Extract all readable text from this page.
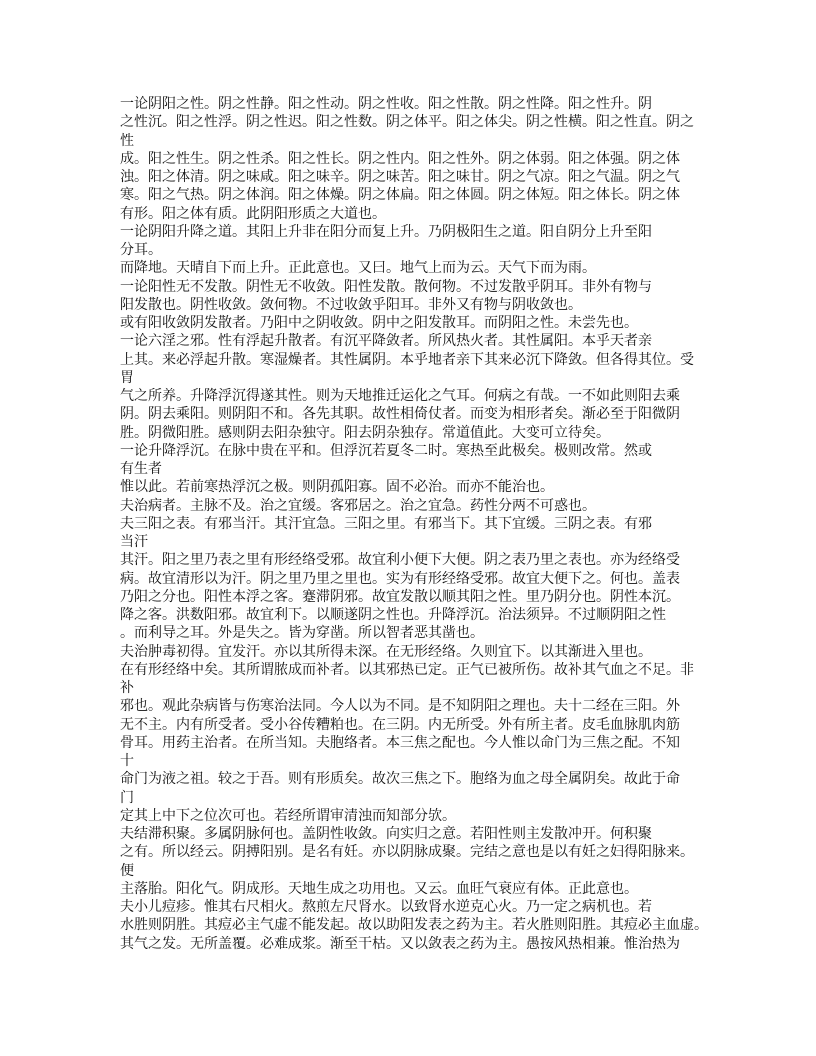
一论阴阳之性。阴之性静。阳之性动。阴之性收。阳之性散。阴之性降。阳之性升。阴
之性沉。阳之性浮。阴之性迟。阳之性数。阴之体平。阳之体尖。阴之性横。阳之性直。阴之
性
成。阳之性生。阴之性杀。阳之性长。阴之性内。阳之性外。阴之体弱。阳之体强。阴之体
浊。阳之体清。阴之味咸。阳之味辛。阴之味苦。阳之味甘。阴之气凉。阳之气温。阴之气
寒。阳之气热。阴之体润。阳之体燥。阴之体扁。阳之体圆。阴之体短。阳之体长。阴之体
有形。阳之体有质。此阴阳形质之大道也。
一论阴阳升降之道。其阳上升非在阳分而复上升。乃阴极阳生之道。阳自阴分上升至阳
分耳。
而降地。天晴自下而上升。正此意也。又曰。地气上而为云。天气下而为雨。
一论阳性无不发散。阴性无不收敛。阳性发散。散何物。不过发散乎阴耳。非外有物与
阳发散也。阴性收敛。敛何物。不过收敛乎阳耳。非外又有物与阴收敛也。
或有阳收敛阴发散者。乃阳中之阴收敛。阴中之阳发散耳。而阴阳之性。未尝先也。
一论六淫之邪。性有浮起升散者。有沉平降敛者。所风热火者。其性属阳。本乎天者亲
上其。来必浮起升散。寒湿燥者。其性属阴。本乎地者亲下其来必沉下降敛。但各得其位。受
胃
气之所养。升降浮沉得遂其性。则为天地推迁运化之气耳。何病之有哉。一不如此则阳去乘
阴。阴去乘阳。则阴阳不和。各先其职。故性相倚仗者。而变为相形者矣。渐必至于阳微阴
胜。阴微阳胜。感则阴去阳杂独守。阳去阴杂独存。常道值此。大变可立待矣。
一论升降浮沉。在脉中贵在平和。但浮沉若夏冬二时。寒热至此极矣。极则改常。然或
有生者
惟以此。若前寒热浮沉之极。则阴孤阳寡。固不必治。而亦不能治也。
夫治病者。主脉不及。治之宜缓。客邪居之。治之宜急。药性分两不可惑也。
夫三阳之表。有邪当汗。其汗宜急。三阳之里。有邪当下。其下宜缓。三阴之表。有邪
当汗
其汗。阳之里乃表之里有形经络受邪。故宜利小便下大便。阴之表乃里之表也。亦为经络受
病。故宜清形以为汗。阴之里乃里之里也。实为有形经络受邪。故宜大便下之。何也。盖表
乃阳之分也。阳性本浮之客。蹇滞阴邪。故宜发散以顺其阳之性。里乃阴分也。阴性本沉。
降之客。洪数阳邪。故宜利下。以顺遂阴之性也。升降浮沉。治法须异。不过顺阴阳之性
。而利导之耳。外是失之。皆为穿凿。所以智者恶其凿也。
夫治肿毒初得。宜发汗。亦以其所得未深。在无形经络。久则宜下。以其渐进入里也。
在有形经络中矣。其所谓脓成而补者。以其邪热已定。正气已被所伤。故补其气血之不足。非
补
邪也。观此杂病皆与伤寒治法同。今人以为不同。是不知阴阳之理也。夫十二经在三阳。外
无不主。内有所受者。受小谷传糟粕也。在三阴。内无所受。外有所主者。皮毛血脉肌肉筋
骨耳。用药主治者。在所当知。夫胞络者。本三焦之配也。今人惟以命门为三焦之配。不知
十
命门为液之祖。较之于吾。则有形质矣。故次三焦之下。胞络为血之母全属阴矣。故此于命
门
定其上中下之位次可也。若经所谓审清浊而知部分欤。
夫结滞积聚。多属阴脉何也。盖阴性收敛。向实归之意。若阳性则主发散冲开。何积聚
之有。所以经云。阴搏阳别。是名有妊。亦以阴脉成聚。完结之意也是以有妊之妇得阳脉来。
便
主落胎。阳化气。阴成形。天地生成之功用也。又云。血旺气衰应有体。正此意也。
夫小儿痘疹。惟其右尺相火。熬煎左尺肾水。以致肾水逆克心火。乃一定之病机也。若
水胜则阴胜。其痘必主气虚不能发起。故以助阳发表之药为主。若火胜则阳胜。其痘必主血虚。
其气之发。无所盖覆。必难成浆。渐至干枯。又以敛表之药为主。愚按风热相兼。惟治热为
